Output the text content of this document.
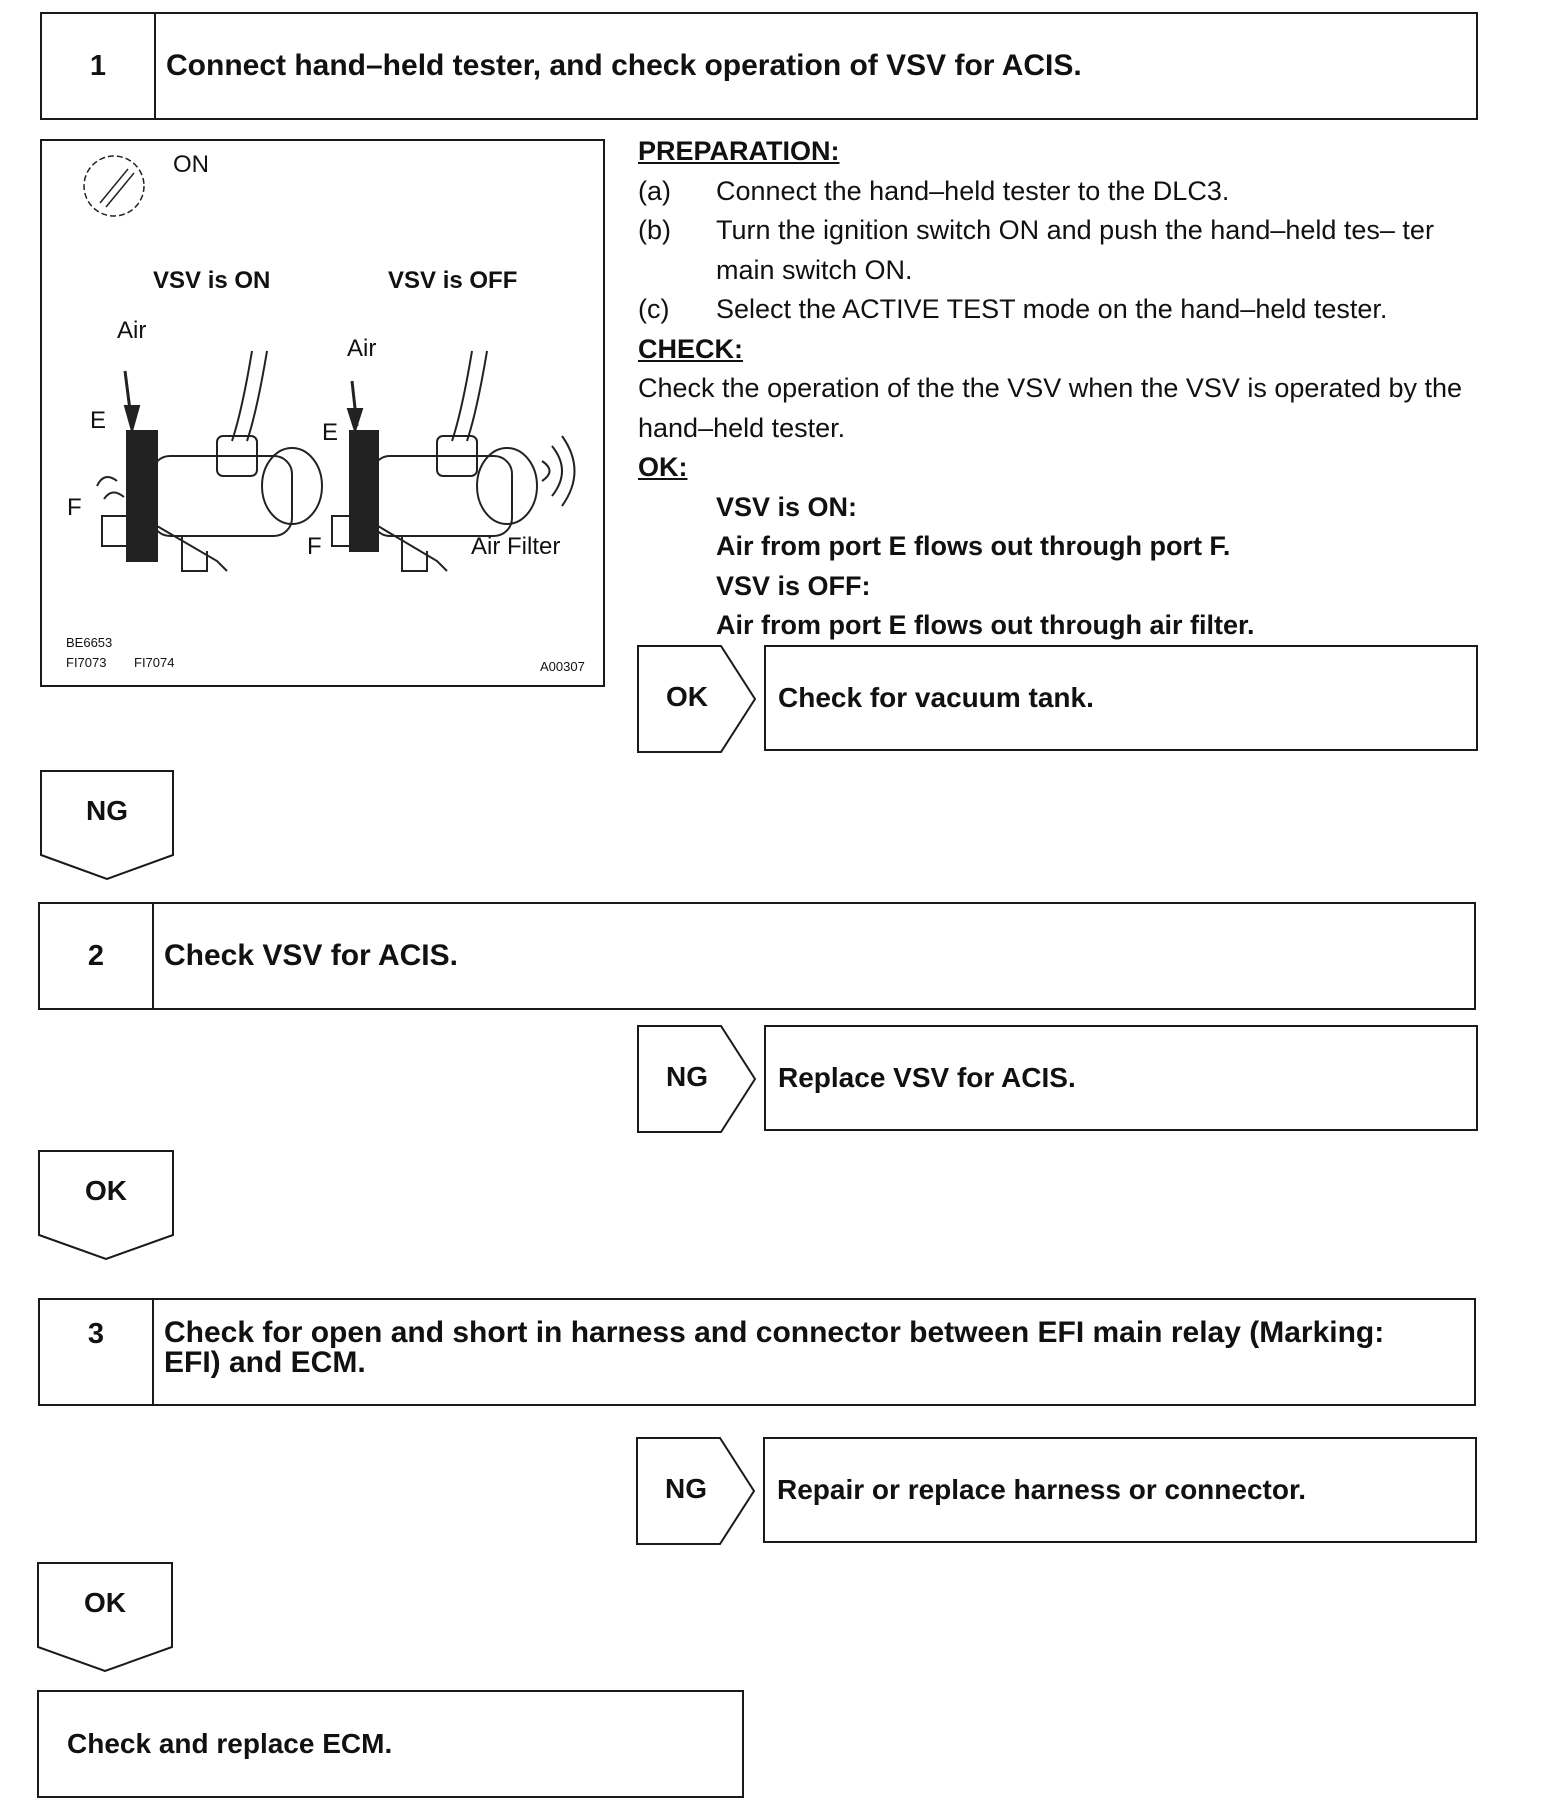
1	Connect hand–held tester, and check operation of VSV for ACIS.
ON
VSV is ON	VSV is OFF
Air
Air
E	E
F
F	Air Filter
BE6653
FI7073 FI7074	A00307
PREPARATION:
(a)	Connect the hand–held tester to the DLC3.
(b)	Turn the ignition switch ON and push the hand–held tes– ter main switch ON.
(c)	Select the ACTIVE TEST mode on the hand–held tester.
CHECK:
Check the operation of the the VSV when the VSV is operated by the hand–held tester.
OK:
VSV is ON:
Air from port E flows out through port F.
VSV is OFF:
Air from port E flows out through air filter.
OK	Check for vacuum tank.
NG
2	Check VSV for ACIS.
NG	Replace VSV for ACIS.
OK
3	Check for open and short in harness and connector between EFI main relay (Marking: EFI) and ECM.
NG	Repair or replace harness or connector.
OK
Check and replace ECM.
